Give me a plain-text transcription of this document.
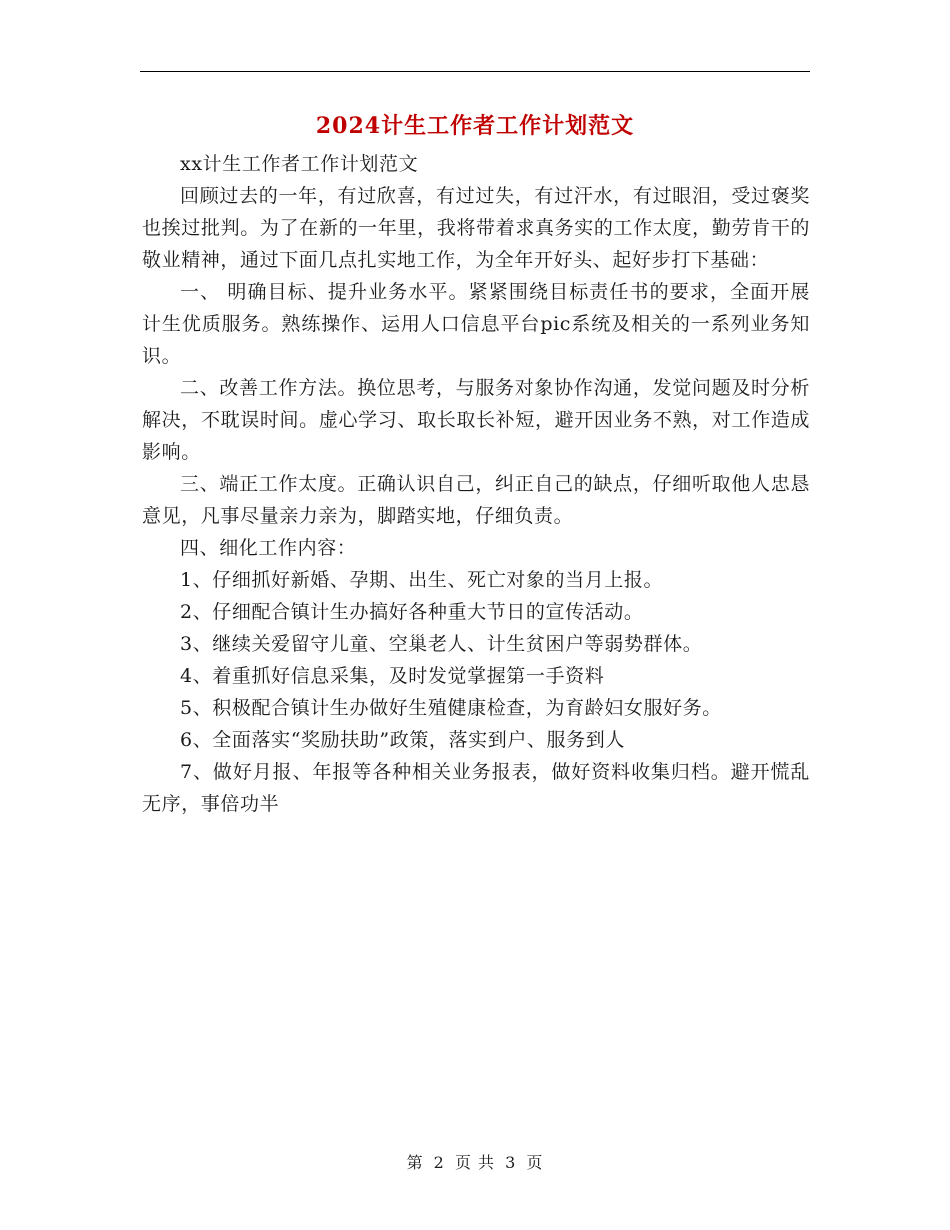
2024计生工作者工作计划范文

xx计生工作者工作计划范文

回顾过去的一年，有过欣喜，有过过失，有过汗水，有过眼泪，受过褒奖也挨过批判。为了在新的一年里，我将带着求真务实的工作太度，勤劳肯干的敬业精神，通过下面几点扎实地工作，为全年开好头、起好步打下基础：

一、 明确目标、提升业务水平。紧紧围绕目标责任书的要求，全面开展计生优质服务。熟练操作、运用人口信息平台pic系统及相关的一系列业务知识。

二、改善工作方法。换位思考，与服务对象协作沟通，发觉问题及时分析解决，不耽误时间。虚心学习、取长取长补短，避开因业务不熟，对工作造成影响。

三、端正工作太度。正确认识自己，纠正自己的缺点，仔细听取他人忠恳意见，凡事尽量亲力亲为，脚踏实地，仔细负责。

四、细化工作内容：

1、仔细抓好新婚、孕期、出生、死亡对象的当月上报。

2、仔细配合镇计生办搞好各种重大节日的宣传活动。

3、继续关爱留守儿童、空巢老人、计生贫困户等弱势群体。

4、着重抓好信息采集，及时发觉掌握第一手资料

5、积极配合镇计生办做好生殖健康检查，为育龄妇女服好务。

6、全面落实“奖励扶助”政策，落实到户、服务到人

7、做好月报、年报等各种相关业务报表，做好资料收集归档。避开慌乱无序，事倍功半

第 2 页 共 3 页
